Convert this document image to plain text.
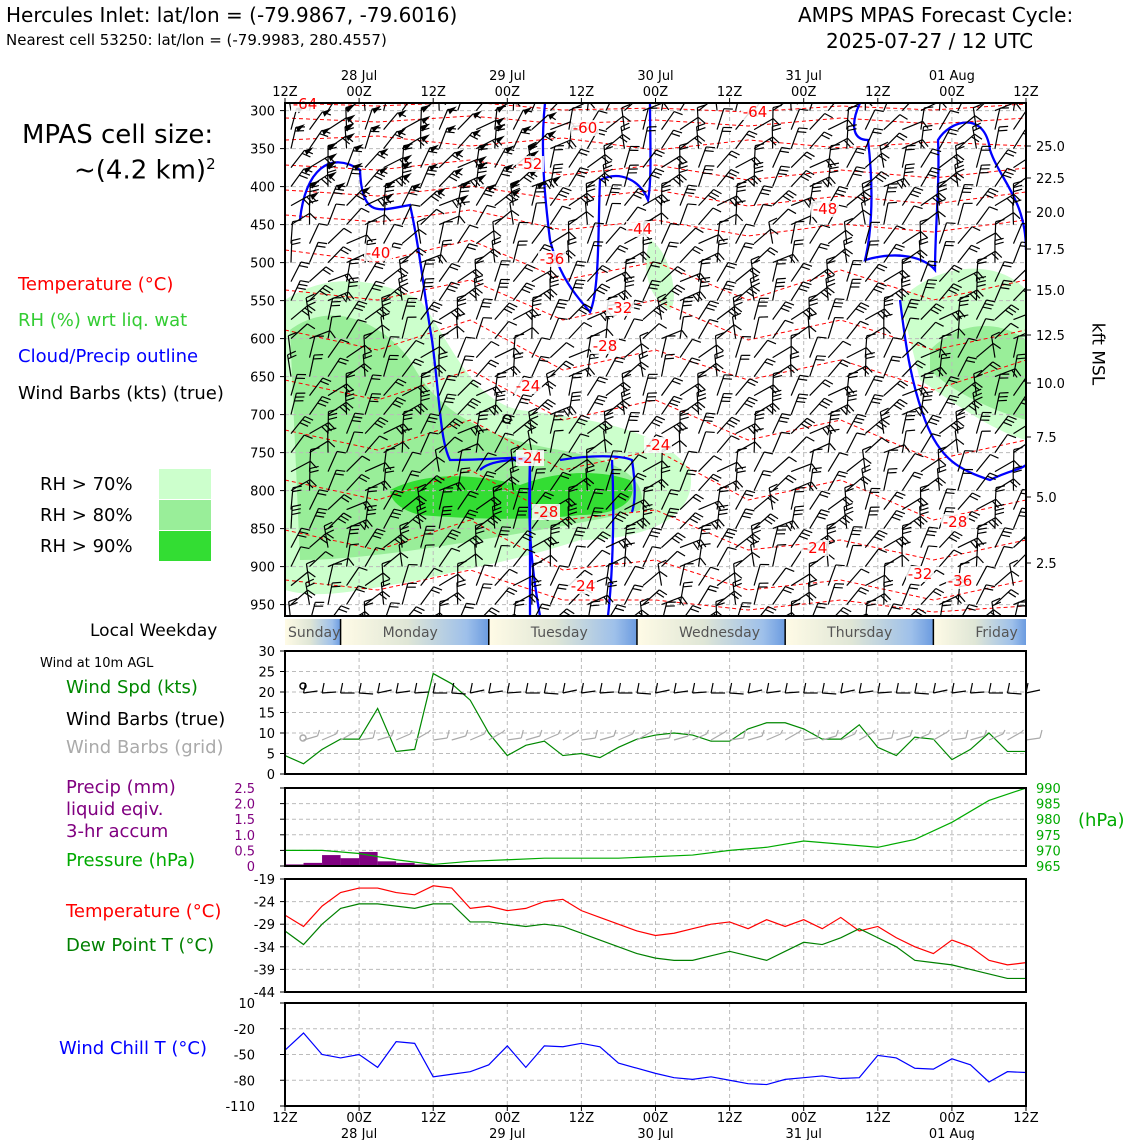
Hercules Inlet: lat/lon = (-79.9867, -79.6016)
Nearest cell 53250: lat/lon = (-79.9983, 280.4557)
AMPS MPAS Forecast Cycle:
2025-07-27 / 12 UTC
MPAS cell size:
~(4.2 km)$^2$
Temperature (°C)
RH (%) wrt liq. wat
Cloud/Precip outline
Wind Barbs (kts) (true)
RH > 70%
RH > 80%
RH > 90%
Local Weekday
Wind at 10m AGL
Wind Spd (kts)
Wind Barbs (true)
Wind Barbs (grid)
Precip (mm)
liquid eqiv.
3-hr accum
Pressure (hPa)
(hPa)
Temperature (°C)
Dew Point T (°C)
Wind Chill T (°C)
kft MSL
-64
-60
-64
-52
-48
-44
-40	-36
-32
-28
-24
-24
-24
-28
-28
-24
-24
-32 -36
300
350
400
450
500
550
600
650
700
750
800
850
900
950
25.0
22.5
20.0
17.5
15.0
12.5
10.0
7.5
5.0
2.5
12Z	00Z
28 Jul
12Z	00Z
29 Jul
12Z	00Z
30 Jul
12Z	00Z
31 Jul
12Z	00Z
01 Aug
12Z
Sunday	Monday	Tuesday	Wednesday	Thursday	Friday
30
25
20
15
10
5
0
2.5
2.0
1.5
1.0
0.5
0
990
985
980
975
970
965
-19
-24
-29
-34
-39
-44
10
-20
-50
-80
-110
12Z	00Z
28 Jul
12Z	00Z
29 Jul
12Z	00Z
30 Jul
12Z	00Z
31 Jul
12Z	00Z
01 Aug
12Z
